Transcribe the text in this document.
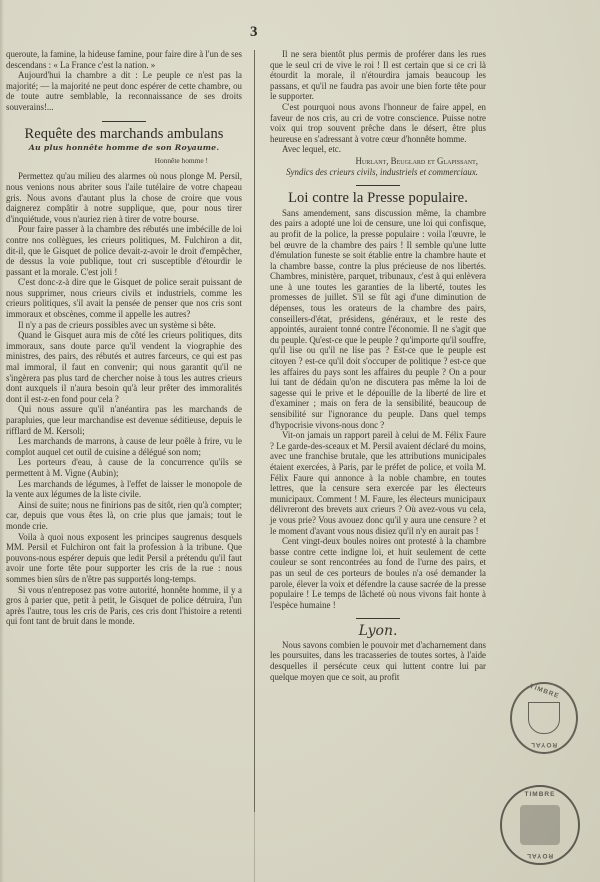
3

queroute, la famine, la hideuse famine, pour faire dire à l'un de ses descendans : « La France c'est la nation. »

Aujourd'hui la chambre a dit : Le peuple ce n'est pas la majorité; — la majorité ne peut donc espérer de cette chambre, ou de toute autre semblable, la reconnaissance de ses droits souverains!...

Requête des marchands ambulans
Au plus honnête homme de son Royaume.
Honnête homme !

Permettez qu'au milieu des alarmes où nous plonge M. Persil, nous venions nous abriter sous l'aile tutélaire de votre chapeau gris. Nous avons d'autant plus la chose de croire que vous daignerez compâtir à notre supplique, que, pour nous tirer d'inquiétude, vous n'auriez rien à tirer de votre bourse.

Pour faire passer à la chambre des rébutés une imbécille de loi contre nos collègues, les crieurs politiques, M. Fulchiron a dit, dit-il, que le Gisquet de police devait-z-avoir le droit d'empêcher, de dessus la voie publique, tout cri susceptible d'étourdir le passant et la morale. C'est joli !

C'est donc-z-à dire que le Gisquet de police serait puissant de nous supprimer, nous crieurs civils et industriels, comme les crieurs politiques, s'il avait la pensée de penser que nos cris sont immoraux et obscènes, comme il appelle les autres?

Il n'y a pas de crieurs possibles avec un système si bête.

Quand le Gisquet aura mis de côté les crieurs politiques, dits immoraux, sans doute parce qu'il vendent la viographie des ministres, des pairs, des rébutés et autres farceurs, ce qui est pas mal immoral, il faut en convenir; qui nous garantit qu'il ne s'ingèrera pas plus tard de chercher noise à tous les autres crieurs dont auxquels il n'aura besoin qu'à leur prêter des immoralités dont il est-z-en fond pour cela ?

Qui nous assure qu'il n'anéantira pas les marchands de parapluies, que leur marchandise est devenue séditieuse, depuis le rifflard de M. Kersoli;

Les marchands de marrons, à cause de leur poêle à frire, vu le complot auquel cet outil de cuisine a délégué son nom;

Les porteurs d'eau, à cause de la concurrence qu'ils se permettent à M. Vigne (Aubin);

Les marchands de légumes, à l'effet de laisser le monopole de la vente aux légumes de la liste civile.

Ainsi de suite; nous ne finirions pas de sitôt, rien qu'à compter; car, depuis que vous êtes là, on crie plus que jamais; tout le monde crie.

Voila à quoi nous exposent les principes saugrenus desquels MM. Persil et Fulchiron ont fait la profession à la tribune. Que pouvons-nous espérer depuis que ledit Persil a prétendu qu'il faut avoir une forte tête pour supporter les cris de la rue : nous sommes bien sûrs de n'être pas supportés long-temps.

Si vous n'entreposez pas votre autorité, honnête homme, il y a gros à parier que, petit à petit, le Gisquet de police détruira, l'un après l'autre, tous les cris de Paris, ces cris dont l'histoire a retenti qui font tant de bruit dans le monde.

Il ne sera bientôt plus permis de proférer dans les rues que le seul cri de vive le roi ! Il est certain que si ce cri là étourdit la morale, il n'étourdira jamais beaucoup les passans, et qu'il ne faudra pas avoir une bien forte tête pour le supporter.

C'est pourquoi nous avons l'honneur de faire appel, en faveur de nos cris, au cri de votre conscience. Puisse notre voix qui trop souvent prêche dans le désert, être plus heureuse en s'adressant à votre cœur d'honnête homme.

Avec lequel, etc.

Hurlant, Beuglard et Glapissant,
Syndics des crieurs civils, industriels et commerciaux.
Loi contre la Presse populaire.

Sans amendement, sans discussion même, la chambre des pairs a adopté une loi de censure, une loi qui confisque, au profit de la police, la presse populaire : voila l'œuvre, le bel œuvre de la chambre des pairs ! Il semble qu'une lutte d'émulation funeste se soit établie entre la chambre haute et la chambre basse, contre la plus précieuse de nos libertés. Chambres, ministère, parquet, tribunaux, c'est à qui enlèvera une à une toutes les garanties de la liberté, toutes les promesses de juillet. S'il se fût agi d'une diminution de dépenses, tous les orateurs de la chambre des pairs, conseillers-d'état, présidens, généraux, et le reste des appointés, auraient tonné contre l'économie. Il ne s'agit que du peuple. Qu'est-ce que le peuple ? qu'importe qu'il souffre, qu'il lise ou qu'il ne lise pas ? Est-ce que le peuple est citoyen ? est-ce qu'il doit s'occuper de politique ? est-ce que les affaires du pays sont les affaires du peuple ? On a pour lui tant de dédain qu'on ne discutera pas même la loi de sagesse qui le prive et le dépouille de la liberté de lire et d'examiner ; mais on fera de la sensibilité, beaucoup de sensibilité sur l'ignorance du peuple. Dans quel temps d'hypocrisie vivons-nous donc ?

Vit-on jamais un rapport pareil à celui de M. Félix Faure ? Le garde-des-sceaux et M. Persil avaient déclaré du moins, avec une franchise brutale, que les attributions municipales étaient exercées, à Paris, par le préfet de police, et voila M. Félix Faure qui annonce à la noble chambre, en toutes lettres, que la censure sera exercée par les électeurs municipaux. Comment ! M. Faure, les électeurs municipaux délivreront des brevets aux crieurs ? Où avez-vous vu cela, je vous prie? Vous avouez donc qu'il y aura une censure ? et le moment d'avant vous nous disiez qu'il n'y en aurait pas !

Cent vingt-deux boules noires ont protesté à la chambre basse contre cette indigne loi, et huit seulement de cette couleur se sont rencontrées au fond de l'urne des pairs, et pas un seul de ces porteurs de boules n'a osé demander la parole, élever la voix et défendre la cause sacrée de la presse populaire ! Le temps de lâcheté où nous vivons fait honte à l'espèce humaine !

Lyon.

Nous savons combien le pouvoir met d'acharnement dans les poursuites, dans les tracasseries de toutes sortes, à l'aide desquelles il persécute ceux qui luttent contre lui par quelque moyen que ce soit, au profit

TIMBRE
ROYAL
TIMBRE
ROYAL
